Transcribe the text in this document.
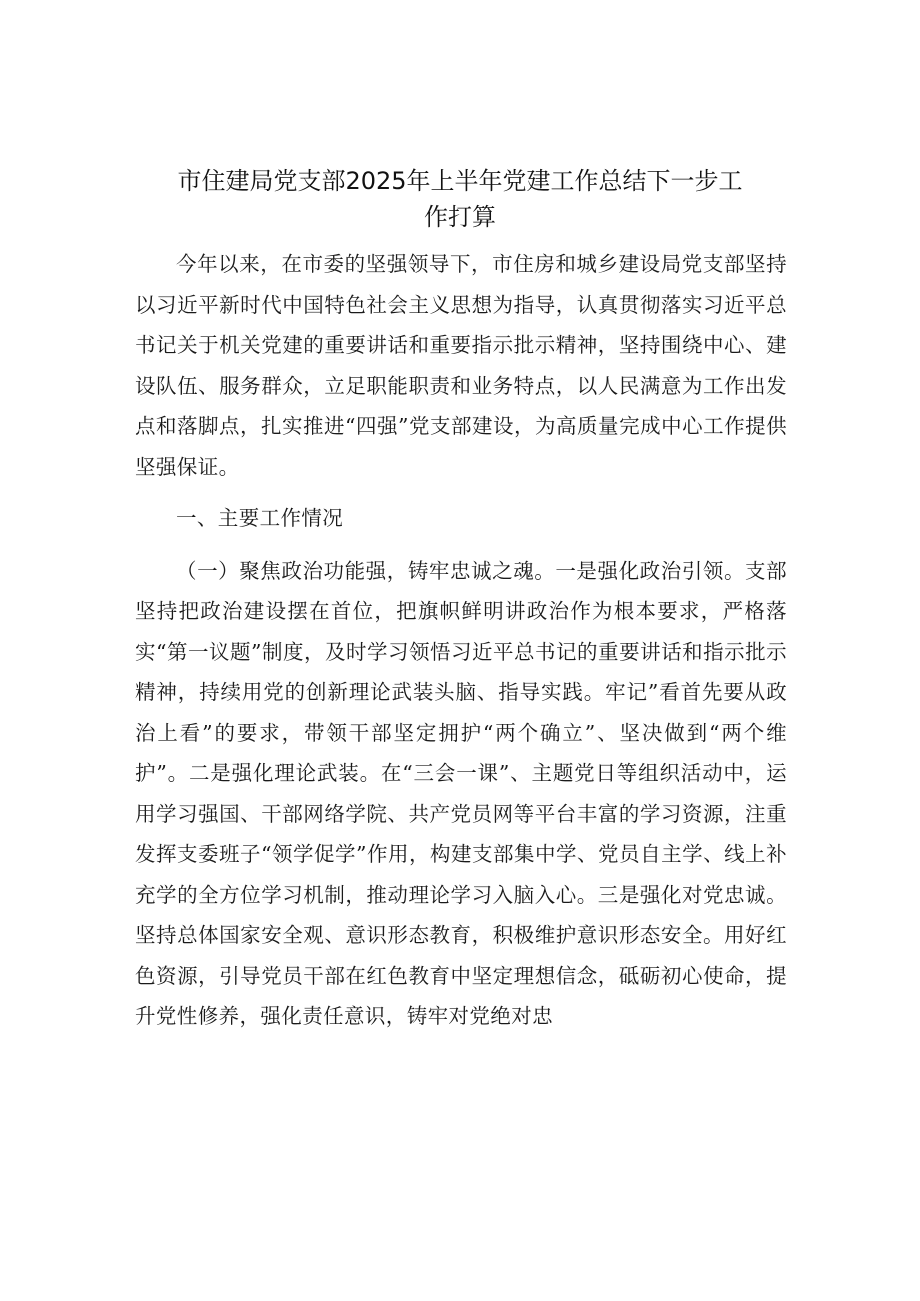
市住建局党支部2025年上半年党建工作总结下一步工
作打算

今年以来，在市委的坚强领导下，市住房和城乡建设局党支部坚持以习近平新时代中国特色社会主义思想为指导，认真贯彻落实习近平总书记关于机关党建的重要讲话和重要指示批示精神，坚持围绕中心、建设队伍、服务群众，立足职能职责和业务特点，以人民满意为工作出发点和落脚点，扎实推进“四强”党支部建设，为高质量完成中心工作提供坚强保证。

一、主要工作情况

（一）聚焦政治功能强，铸牢忠诚之魂。一是强化政治引领。支部坚持把政治建设摆在首位，把旗帜鲜明讲政治作为根本要求，严格落实“第一议题”制度，及时学习领悟习近平总书记的重要讲话和指示批示精神，持续用党的创新理论武装头脑、指导实践。牢记”看首先要从政治上看”的要求，带领干部坚定拥护“两个确立”、坚决做到“两个维护”。二是强化理论武装。在“三会一课”、主题党日等组织活动中，运用学习强国、干部网络学院、共产党员网等平台丰富的学习资源，注重发挥支委班子“领学促学”作用，构建支部集中学、党员自主学、线上补充学的全方位学习机制，推动理论学习入脑入心。三是强化对党忠诚。坚持总体国家安全观、意识形态教育，积极维护意识形态安全。用好红色资源，引导党员干部在红色教育中坚定理想信念，砥砺初心使命，提升党性修养，强化责任意识，铸牢对党绝对忠
